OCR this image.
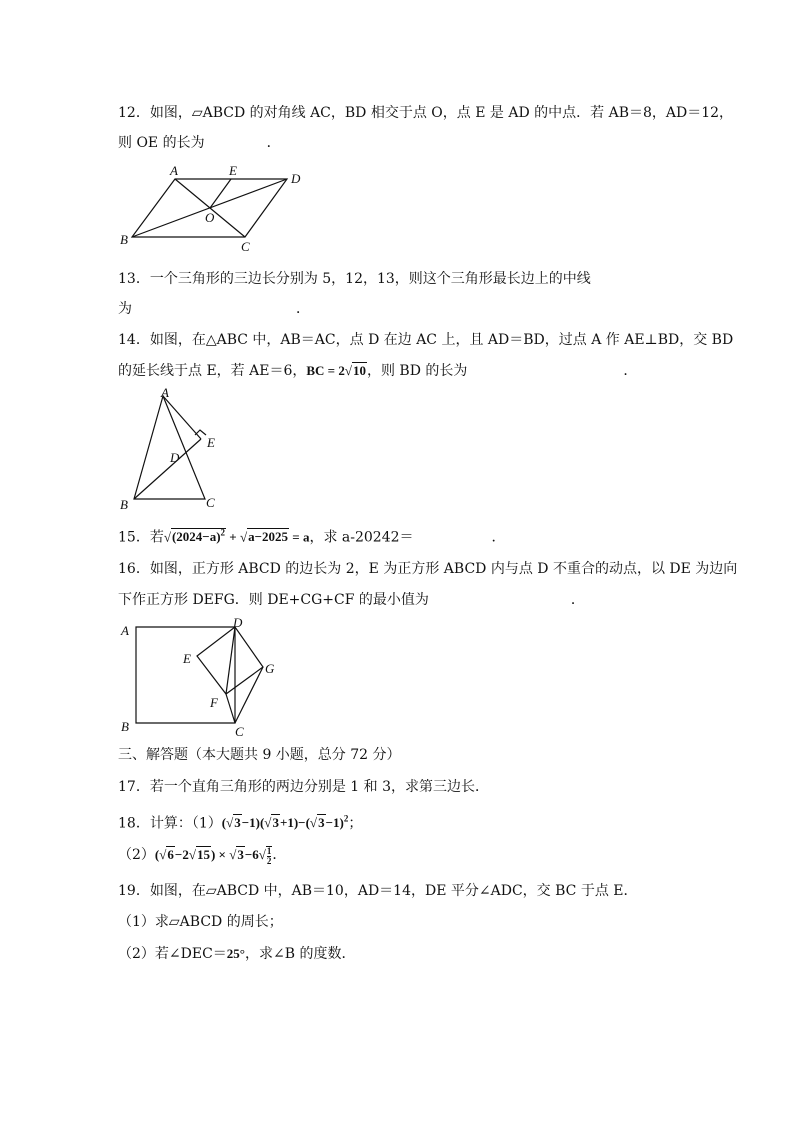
12．如图，▱ABCD 的对角线 AC，BD 相交于点 O，点 E 是 AD 的中点．若 AB＝8，AD＝12，
则 OE 的长为	．
A	E
D
O
B	C
13．一个三角形的三边长分别为 5，12，13，则这个三角形最长边上的中线
为	．
14．如图，在△ABC 中，AB＝AC，点 D 在边 AC 上，且 AD＝BD，过点 A 作 AE⊥BD，交 BD
的延长线于点 E，若 AE＝6，BC = 2√10，则 BD 的长为	．
A
E
D
B	C
15．若$√(2024-a)^2 + √a-2025 = a$，求 a-20242＝	．
16．如图，正方形 ABCD 的边长为 2，E 为正方形 ABCD 内与点 D 不重合的动点，以 DE 为边向
下作正方形 DEFG．则 DE+CG+CF 的最小值为	．
A
D
E
G
F
B	C
三、解答题（本大题共 9 小题，总分 72 分）
17．若一个直角三角形的两边分别是 1 和 3，求第三边长．
18．计算：$(1)(√3-1)(√3+1)-(√3-1)^2$；
$(2)(√6-2√15) \times √3-6√ \frac{1}{2}$ ．
19．如图，在▱ABCD 中，AB＝10，AD＝14，DE 平分∠ADC，交 BC 于点 E．
（1）求▱ABCD 的周长；
（2）若∠DEC＝25°，求∠B 的度数．
